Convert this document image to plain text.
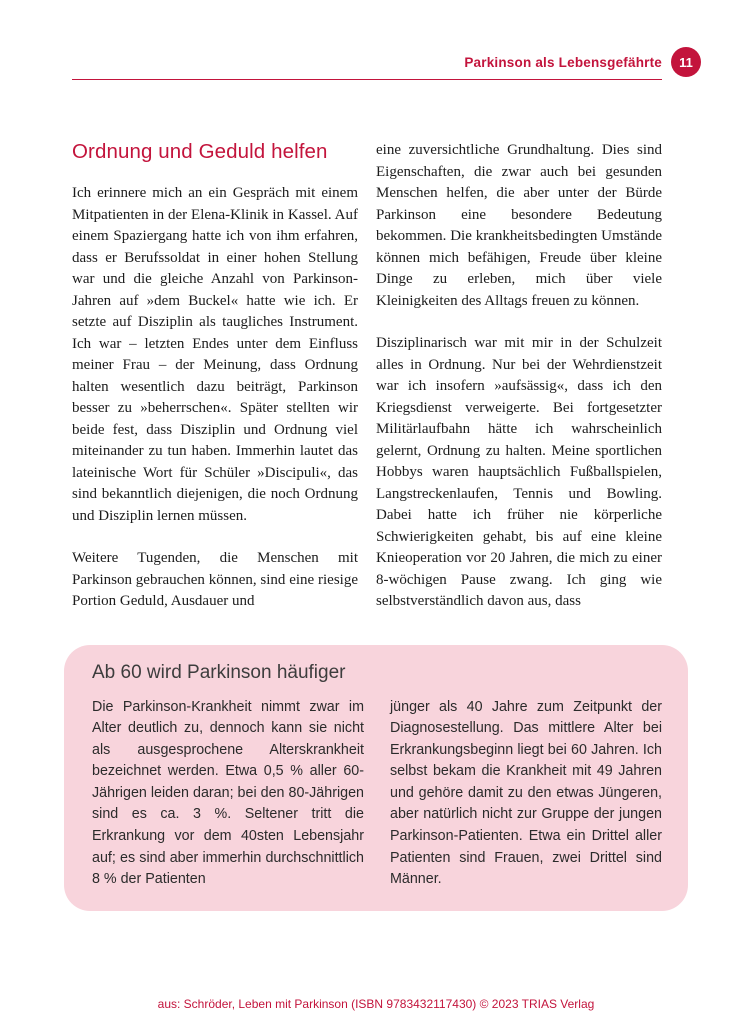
Parkinson als Lebensgefährte	11
Ordnung und Geduld helfen

Ich erinnere mich an ein Gespräch mit einem Mitpatienten in der Elena-Klinik in Kassel. Auf einem Spaziergang hatte ich von ihm erfahren, dass er Berufssoldat in einer hohen Stellung war und die gleiche Anzahl von Parkinson-Jahren auf »dem Buckel« hatte wie ich. Er setzte auf Disziplin als taugliches Instrument. Ich war – letzten Endes unter dem Einfluss meiner Frau – der Meinung, dass Ordnung halten wesentlich dazu beiträgt, Parkinson besser zu »beherrschen«. Später stellten wir beide fest, dass Disziplin und Ordnung viel miteinander zu tun haben. Immerhin lautet das lateinische Wort für Schüler »Discipuli«, das sind bekanntlich diejenigen, die noch Ordnung und Disziplin lernen müssen.

Weitere Tugenden, die Menschen mit Parkinson gebrauchen können, sind eine riesige Portion Geduld, Ausdauer und

eine zuversichtliche Grundhaltung. Dies sind Eigenschaften, die zwar auch bei gesunden Menschen helfen, die aber unter der Bürde Parkinson eine besondere Bedeutung bekommen. Die krankheitsbedingten Umstände können mich befähigen, Freude über kleine Dinge zu erleben, mich über viele Kleinigkeiten des Alltags freuen zu können.

Disziplinarisch war mit mir in der Schulzeit alles in Ordnung. Nur bei der Wehrdienstzeit war ich insofern »aufsässig«, dass ich den Kriegsdienst verweigerte. Bei fortgesetzter Militärlaufbahn hätte ich wahrscheinlich gelernt, Ordnung zu halten. Meine sportlichen Hobbys waren hauptsächlich Fußballspielen, Langstreckenlaufen, Tennis und Bowling. Dabei hatte ich früher nie körperliche Schwierigkeiten gehabt, bis auf eine kleine Knieoperation vor 20 Jahren, die mich zu einer 8-wöchigen Pause zwang. Ich ging wie selbstverständlich davon aus, dass

Ab 60 wird Parkinson häufiger

Die Parkinson-Krankheit nimmt zwar im Alter deutlich zu, dennoch kann sie nicht als ausgesprochene Alterskrankheit bezeichnet werden. Etwa 0,5 % aller 60-Jährigen leiden daran; bei den 80-Jährigen sind es ca. 3 %. Seltener tritt die Erkrankung vor dem 40sten Lebensjahr auf; es sind aber immerhin durchschnittlich 8 % der Patienten

jünger als 40 Jahre zum Zeitpunkt der Diagnosestellung. Das mittlere Alter bei Erkrankungsbeginn liegt bei 60 Jahren. Ich selbst bekam die Krankheit mit 49 Jahren und gehöre damit zu den etwas Jüngeren, aber natürlich nicht zur Gruppe der jungen Parkinson-Patienten. Etwa ein Drittel aller Patienten sind Frauen, zwei Drittel sind Männer.

aus: Schröder, Leben mit Parkinson (ISBN 9783432117430) © 2023 TRIAS Verlag
